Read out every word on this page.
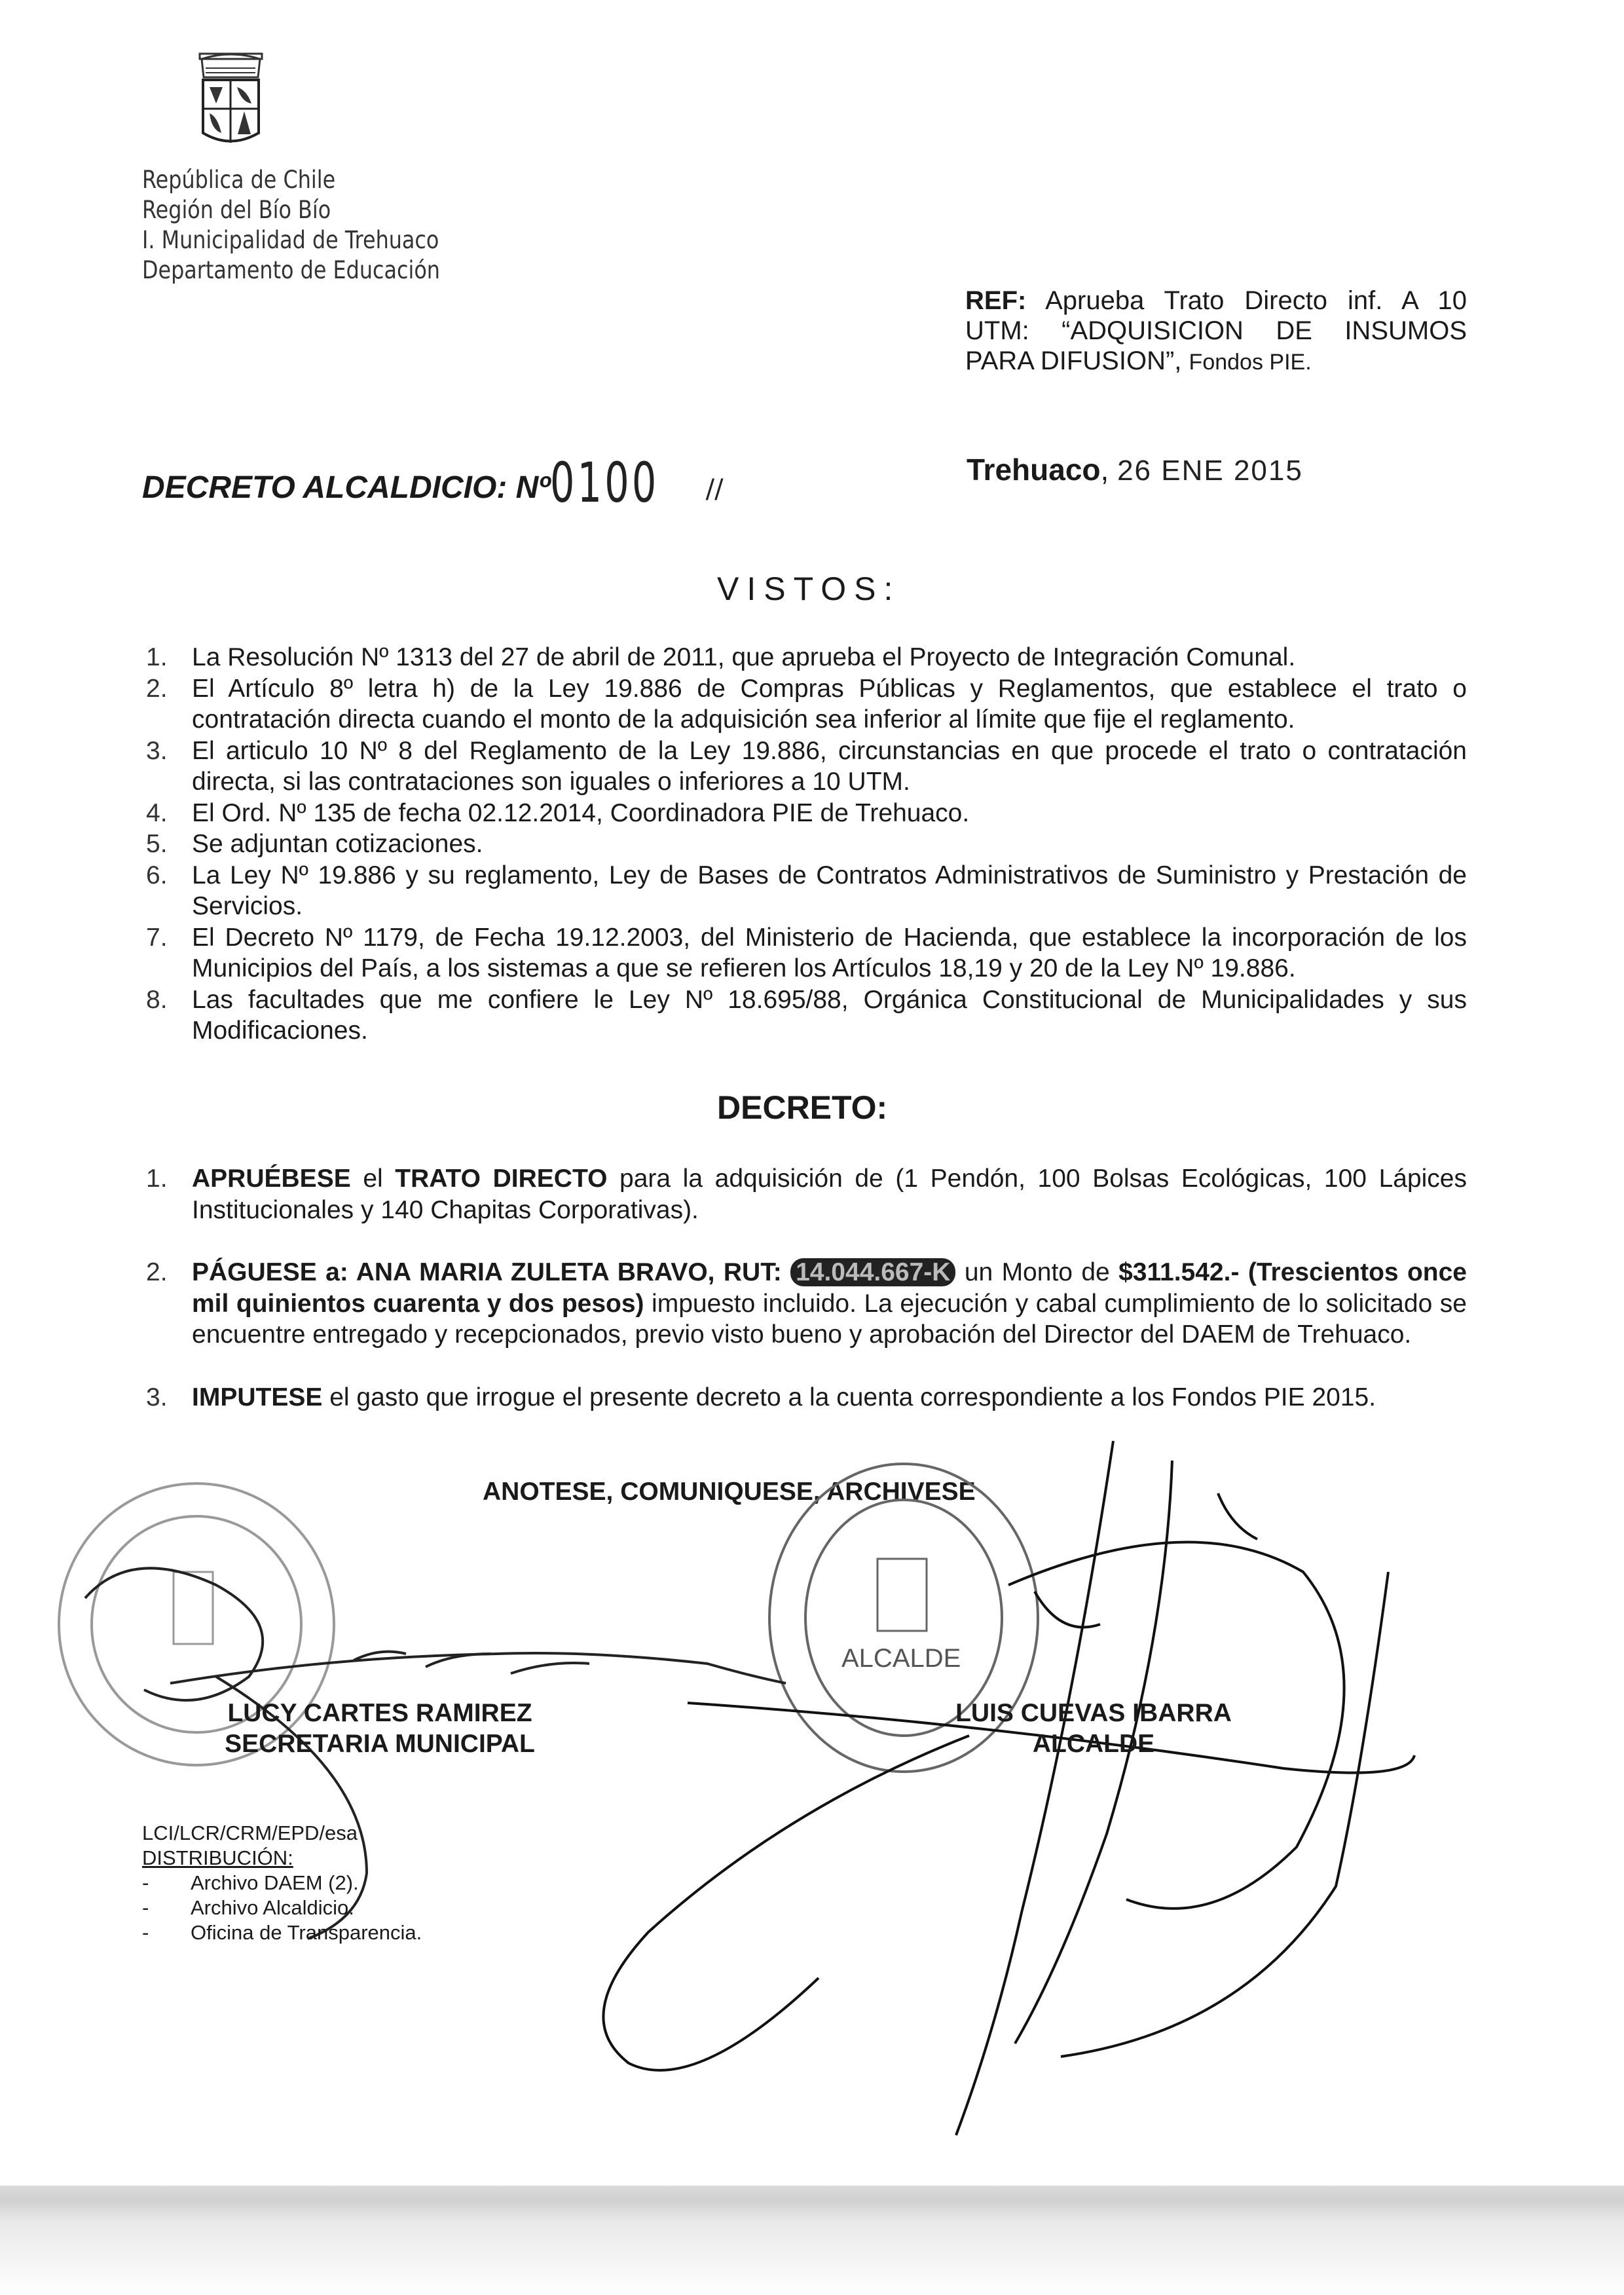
República de Chile
Región del Bío Bío
I. Municipalidad de Trehuaco
Departamento de Educación
REF: Aprueba Trato Directo inf. A 10
UTM: “ADQUISICION DE INSUMOS
PARA DIFUSION”, Fondos PIE.
DECRETO ALCALDICIO: Nº0100 //
Trehuaco, 26 ENE 2015
VISTOS:
1. La Resolución Nº 1313 del 27 de abril de 2011, que aprueba el Proyecto de Integración Comunal.
2. El Artículo 8º letra h) de la Ley 19.886 de Compras Públicas y Reglamentos, que establece el trato o contratación directa cuando el monto de la adquisición sea inferior al límite que fije el reglamento.
3. El articulo 10 Nº 8 del Reglamento de la Ley 19.886, circunstancias en que procede el trato o contratación directa, si las contrataciones son iguales o inferiores a 10 UTM.
4. El Ord. Nº 135 de fecha 02.12.2014, Coordinadora PIE de Trehuaco.
5. Se adjuntan cotizaciones.
6. La Ley Nº 19.886 y su reglamento, Ley de Bases de Contratos Administrativos de Suministro y Prestación de Servicios.
7. El Decreto Nº 1179, de Fecha 19.12.2003, del Ministerio de Hacienda, que establece la incorporación de los Municipios del País, a los sistemas a que se refieren los Artículos 18,19 y 20 de la Ley Nº 19.886.
8. Las facultades que me confiere le Ley Nº 18.695/88, Orgánica Constitucional de Municipalidades y sus Modificaciones.
DECRETO:
1. APRUÉBESE el TRATO DIRECTO para la adquisición de (1 Pendón, 100 Bolsas Ecológicas, 100 Lápices Institucionales y 140 Chapitas Corporativas).
2. PÁGUESE a: ANA MARIA ZULETA BRAVO, RUT: 14.044.667-K un Monto de $311.542.- (Trescientos once mil quinientos cuarenta y dos pesos) impuesto incluido. La ejecución y cabal cumplimiento de lo solicitado se encuentre entregado y recepcionados, previo visto bueno y aprobación del Director del DAEM de Trehuaco.
3. IMPUTESE el gasto que irrogue el presente decreto a la cuenta correspondiente a los Fondos PIE 2015.
ANOTESE, COMUNIQUESE, ARCHIVESE
ALCALDE
LUCY CARTES RAMIREZ
SECRETARIA MUNICIPAL
LUIS CUEVAS IBARRA
ALCALDE
LCI/LCR/CRM/EPD/esa
DISTRIBUCIÓN:
- Archivo DAEM (2).
- Archivo Alcaldicio.
- Oficina de Transparencia.
